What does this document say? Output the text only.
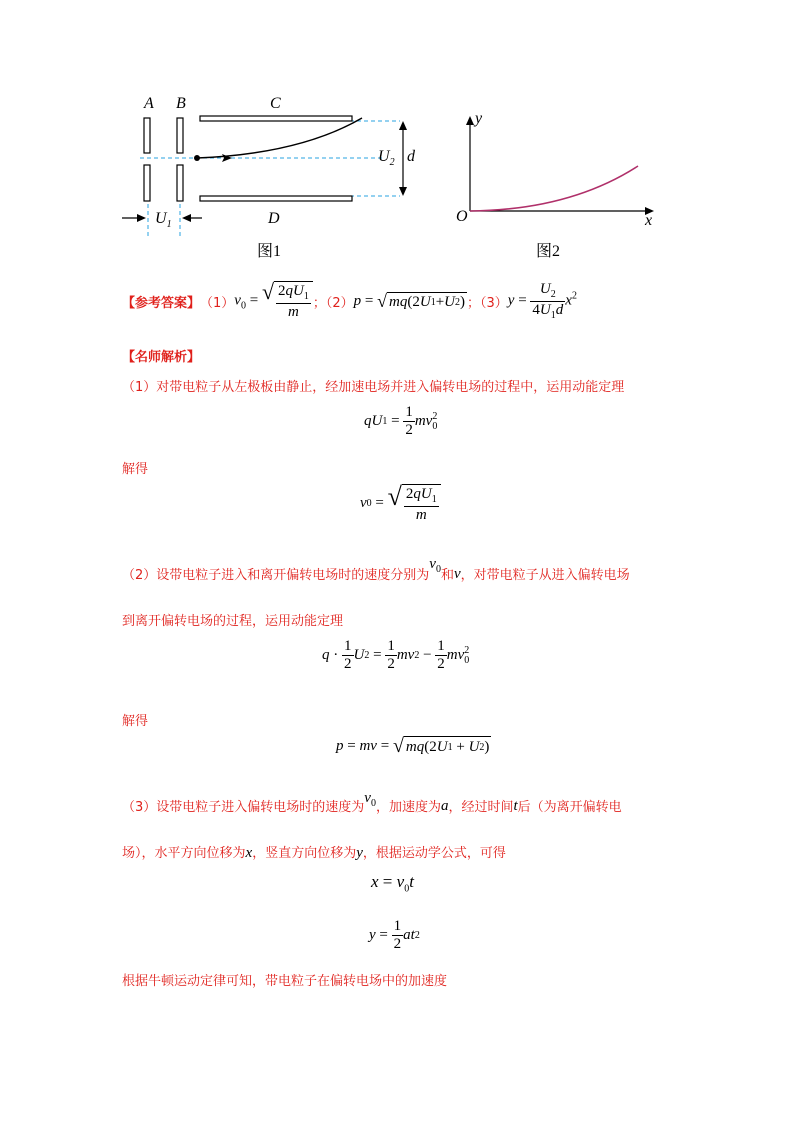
A B	C
D
$U_2$ d
$U_1$
图1
y
x
O
图2
【参考答案】 （1） $v_0$ = √ $\frac{2qU_1}{m}$ ；（2） p = √ mq (2 U 1 + U 2 ) ；（3） $y = \frac{U_2}{4U_1d} x^2$
【名师解析】
（1）对带电粒子从左极板由静止，经加速电场并进入偏转电场的过程中，运用动能定理
qU $1 = \frac{1}{2}$ mv 2
0
解得
v 0 = √ $\frac{2qU_1}{m}$
（2）设带电粒子进入和离开偏转电场时的速度分别为
$v_0$ 和 v ，对带电粒子从进入偏转电场
到离开偏转电场的过程，运用动能定理
$q \cdot \frac{1}{2}$ U $2 = \frac{1}{2}$ mv $2 - \frac{1}{2}$ mv 2
0
解得
p = mv = √ mq (2 U 1 + U 2 )
（3）设带电粒子进入偏转电场时的速度为
$v_0$ ，加速度为 a ，经过时间 t 后（为离开偏转电
场），水平方向位移为 x ，竖直方向位移为 y ，根据运动学公式，可得
$x = v_0t$
$y = \frac{1}{2}$ at 2
根据牛顿运动定律可知，带电粒子在偏转电场中的加速度
